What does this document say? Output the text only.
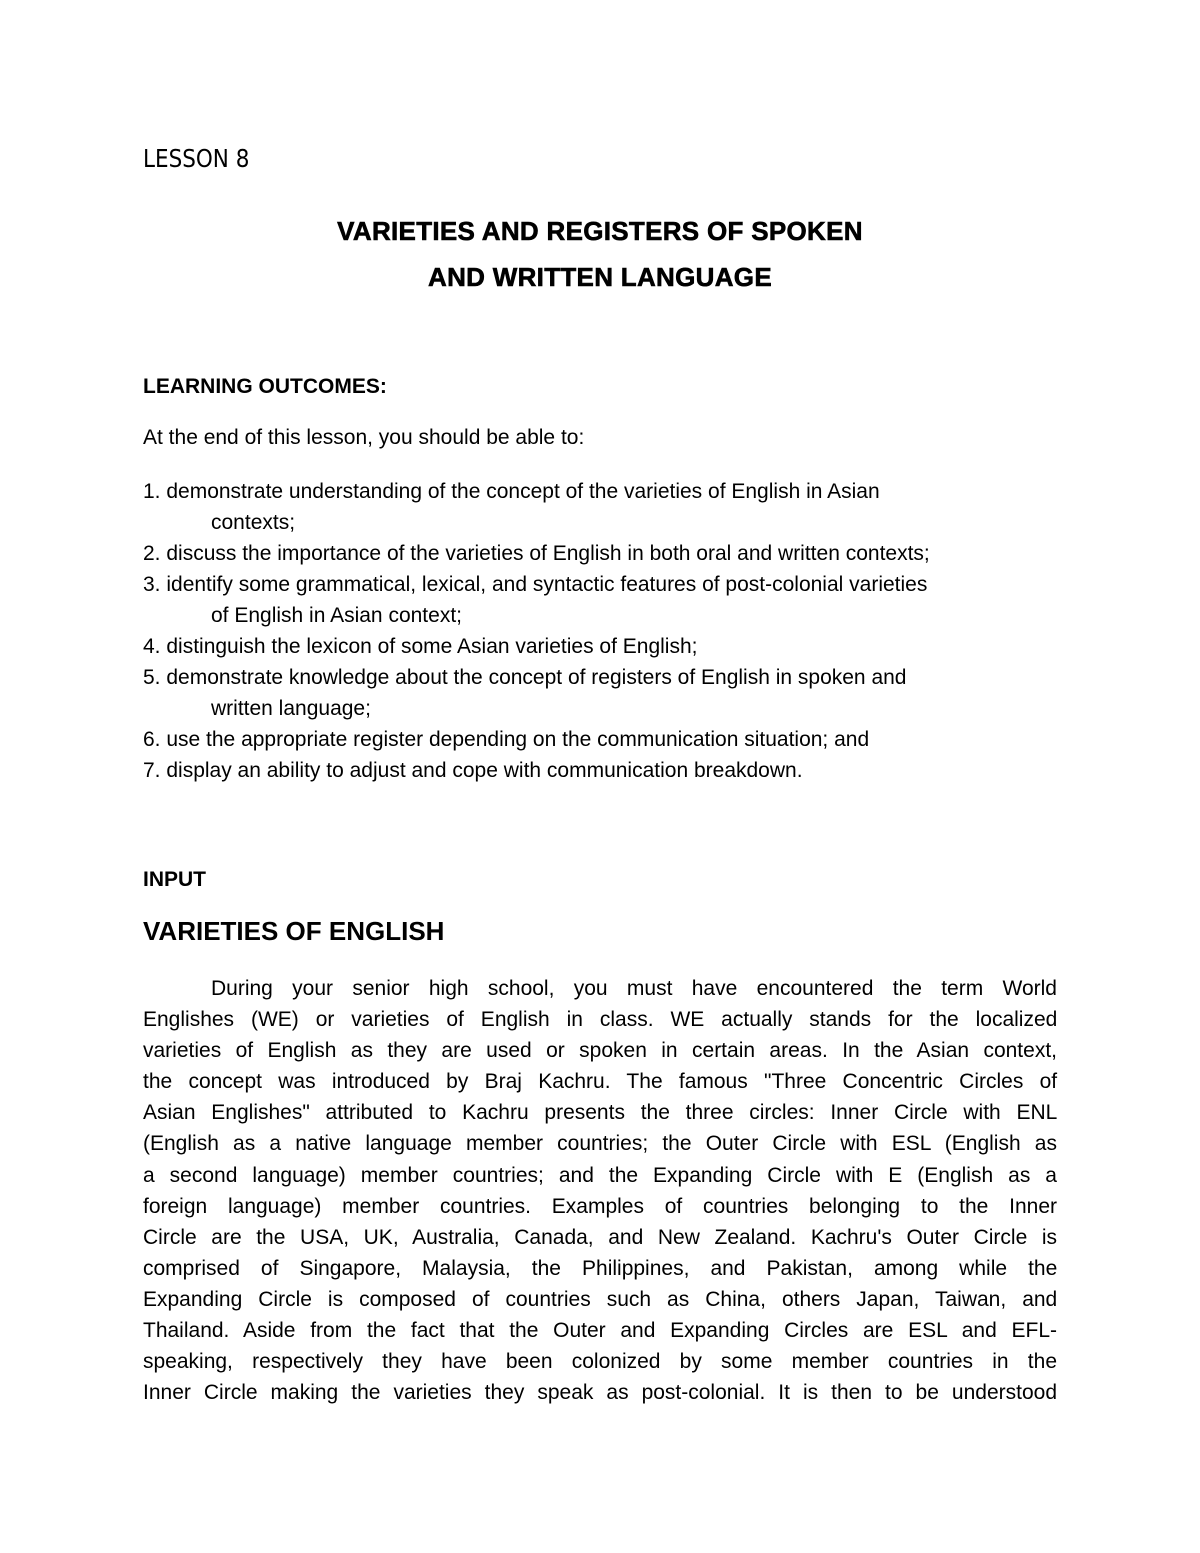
LESSON 8
VARIETIES AND REGISTERS OF SPOKEN
AND WRITTEN LANGUAGE
LEARNING OUTCOMES:
At the end of this lesson, you should be able to:
1. demonstrate understanding of the concept of the varieties of English in Asian
contexts;
2. discuss the importance of the varieties of English in both oral and written contexts;
3. identify some grammatical, lexical, and syntactic features of post-colonial varieties
of English in Asian context;
4. distinguish the lexicon of some Asian varieties of English;
5. demonstrate knowledge about the concept of registers of English in spoken and
written language;
6. use the appropriate register depending on the communication situation; and
7. display an ability to adjust and cope with communication breakdown.
INPUT
VARIETIES OF ENGLISH
During your senior high school, you must have encountered the term World
Englishes (WE) or varieties of English in class. WE actually stands for the localized
varieties of English as they are used or spoken in certain areas. In the Asian context,
the concept was introduced by Braj Kachru. The famous "Three Concentric Circles of
Asian Englishes" attributed to Kachru presents the three circles: Inner Circle with ENL
(English as a native language member countries; the Outer Circle with ESL (English as
a second language) member countries; and the Expanding Circle with E (English as a
foreign language) member countries. Examples of countries belonging to the Inner
Circle are the USA, UK, Australia, Canada, and New Zealand. Kachru's Outer Circle is
comprised of Singapore, Malaysia, the Philippines, and Pakistan, among while the
Expanding Circle is composed of countries such as China, others Japan, Taiwan, and
Thailand. Aside from the fact that the Outer and Expanding Circles are ESL and EFL-
speaking, respectively they have been colonized by some member countries in the
Inner Circle making the varieties they speak as post-colonial. It is then to be understood
